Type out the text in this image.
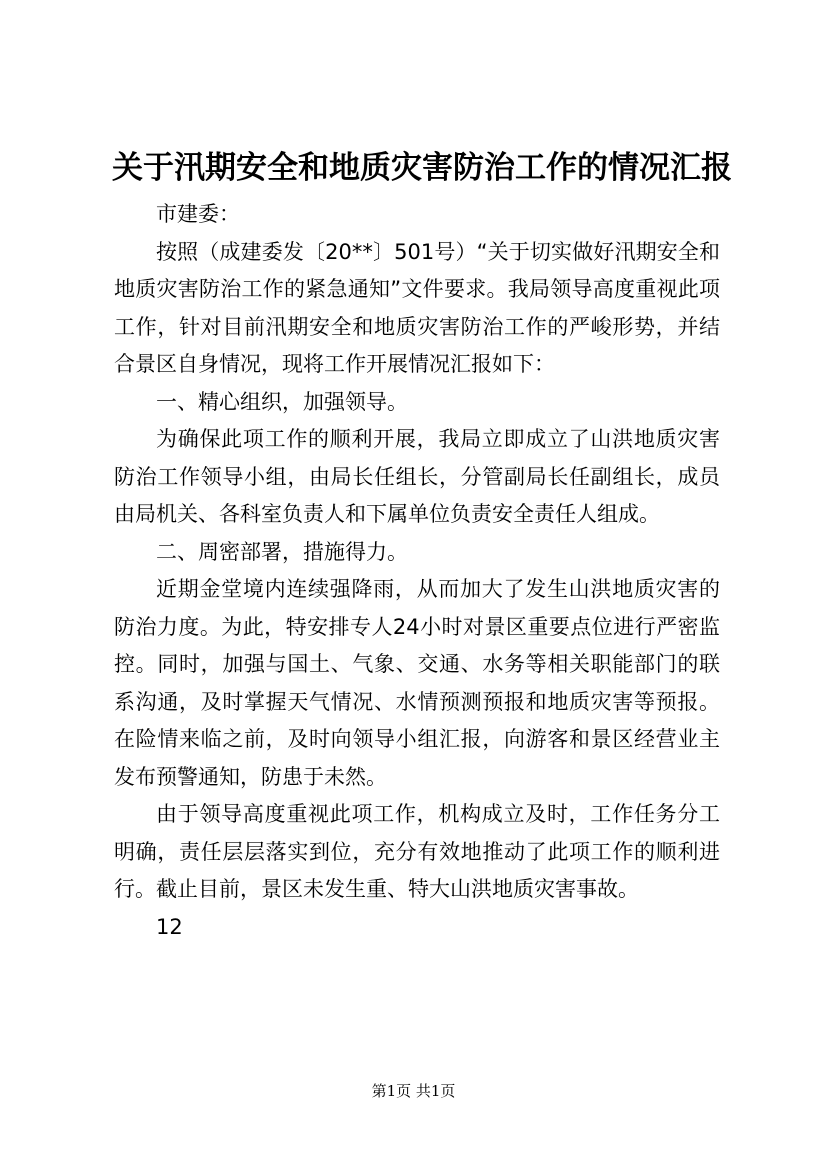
关于汛期安全和地质灾害防治工作的情况汇报

市建委：

按照（成建委发〔20**〕501号）“关于切实做好汛期安全和地质灾害防治工作的紧急通知”文件要求。我局领导高度重视此项工作，针对目前汛期安全和地质灾害防治工作的严峻形势，并结合景区自身情况，现将工作开展情况汇报如下：

一、精心组织，加强领导。

为确保此项工作的顺利开展，我局立即成立了山洪地质灾害防治工作领导小组，由局长任组长，分管副局长任副组长，成员由局机关、各科室负责人和下属单位负责安全责任人组成。

二、周密部署，措施得力。

近期金堂境内连续强降雨，从而加大了发生山洪地质灾害的防治力度。为此，特安排专人24小时对景区重要点位进行严密监控。同时，加强与国土、气象、交通、水务等相关职能部门的联系沟通，及时掌握天气情况、水情预测预报和地质灾害等预报。在险情来临之前，及时向领导小组汇报，向游客和景区经营业主发布预警通知，防患于未然。

由于领导高度重视此项工作，机构成立及时，工作任务分工明确，责任层层落实到位，充分有效地推动了此项工作的顺利进行。截止目前，景区未发生重、特大山洪地质灾害事故。

12

第1页 共1页
